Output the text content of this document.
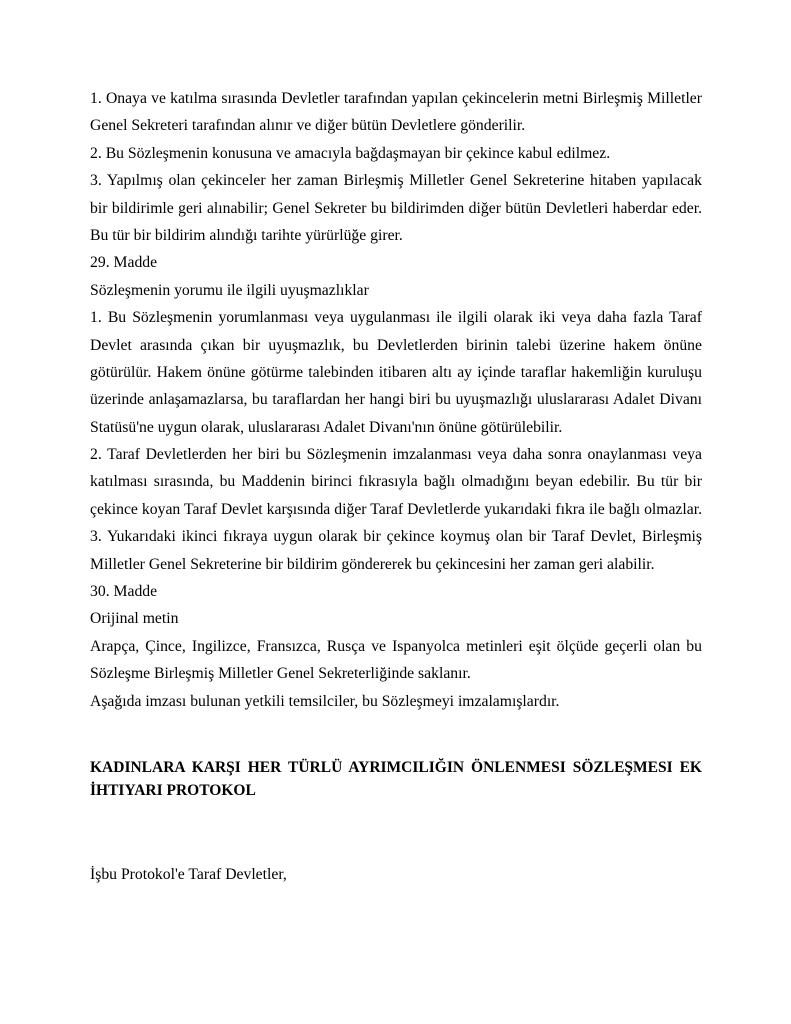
1. Onaya ve katılma sırasında Devletler tarafından yapılan çekincelerin metni Birleşmiş Milletler
Genel Sekreteri tarafından alınır ve diğer bütün Devletlere gönderilir.
2. Bu Sözleşmenin konusuna ve amacıyla bağdaşmayan bir çekince kabul edilmez.
3. Yapılmış olan çekinceler her zaman Birleşmiş Milletler Genel Sekreterine hitaben yapılacak
bir bildirimle geri alınabilir; Genel Sekreter bu bildirimden diğer bütün Devletleri haberdar eder.
Bu tür bir bildirim alındığı tarihte yürürlüğe girer.
29. Madde
Sözleşmenin yorumu ile ilgili uyuşmazlıklar
1. Bu Sözleşmenin yorumlanması veya uygulanması ile ilgili olarak iki veya daha fazla Taraf
Devlet arasında çıkan bir uyuşmazlık, bu Devletlerden birinin talebi üzerine hakem önüne
götürülür. Hakem önüne götürme talebinden itibaren altı ay içinde taraflar hakemliğin kuruluşu
üzerinde anlaşamazlarsa, bu taraflardan her hangi biri bu uyuşmazlığı uluslararası Adalet Divanı
Statüsü'ne uygun olarak, uluslararası Adalet Divanı'nın önüne götürülebilir.
2. Taraf Devletlerden her biri bu Sözleşmenin imzalanması veya daha sonra onaylanması veya
katılması sırasında, bu Maddenin birinci fıkrasıyla bağlı olmadığını beyan edebilir. Bu tür bir
çekince koyan Taraf Devlet karşısında diğer Taraf Devletlerde yukarıdaki fıkra ile bağlı olmazlar.
3. Yukarıdaki ikinci fıkraya uygun olarak bir çekince koymuş olan bir Taraf Devlet, Birleşmiş
Milletler Genel Sekreterine bir bildirim göndererek bu çekincesini her zaman geri alabilir.
30. Madde
Orijinal metin
Arapça, Çince, Ingilizce, Fransızca, Rusça ve Ispanyolca metinleri eşit ölçüde geçerli olan bu
Sözleşme Birleşmiş Milletler Genel Sekreterliğinde saklanır.
Aşağıda imzası bulunan yetkili temsilciler, bu Sözleşmeyi imzalamışlardır.
KADINLARA KARŞI HER TÜRLÜ AYRIMCILIĞIN ÖNLENMESI SÖZLEŞMESI EK
İHTIYARI PROTOKOL
İşbu Protokol'e Taraf Devletler,
